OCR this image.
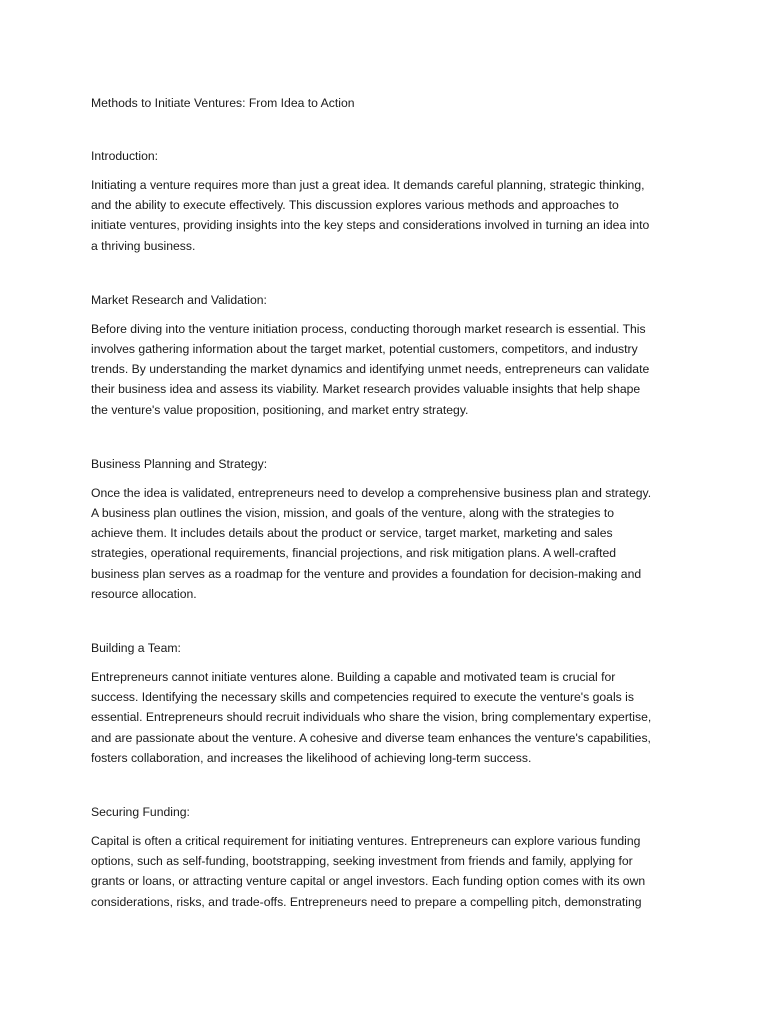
Methods to Initiate Ventures: From Idea to Action
Introduction:
Initiating a venture requires more than just a great idea. It demands careful planning, strategic thinking,
and the ability to execute effectively. This discussion explores various methods and approaches to
initiate ventures, providing insights into the key steps and considerations involved in turning an idea into
a thriving business.
Market Research and Validation:
Before diving into the venture initiation process, conducting thorough market research is essential. This
involves gathering information about the target market, potential customers, competitors, and industry
trends. By understanding the market dynamics and identifying unmet needs, entrepreneurs can validate
their business idea and assess its viability. Market research provides valuable insights that help shape
the venture's value proposition, positioning, and market entry strategy.
Business Planning and Strategy:
Once the idea is validated, entrepreneurs need to develop a comprehensive business plan and strategy.
A business plan outlines the vision, mission, and goals of the venture, along with the strategies to
achieve them. It includes details about the product or service, target market, marketing and sales
strategies, operational requirements, financial projections, and risk mitigation plans. A well-crafted
business plan serves as a roadmap for the venture and provides a foundation for decision-making and
resource allocation.
Building a Team:
Entrepreneurs cannot initiate ventures alone. Building a capable and motivated team is crucial for
success. Identifying the necessary skills and competencies required to execute the venture's goals is
essential. Entrepreneurs should recruit individuals who share the vision, bring complementary expertise,
and are passionate about the venture. A cohesive and diverse team enhances the venture's capabilities,
fosters collaboration, and increases the likelihood of achieving long-term success.
Securing Funding:
Capital is often a critical requirement for initiating ventures. Entrepreneurs can explore various funding
options, such as self-funding, bootstrapping, seeking investment from friends and family, applying for
grants or loans, or attracting venture capital or angel investors. Each funding option comes with its own
considerations, risks, and trade-offs. Entrepreneurs need to prepare a compelling pitch, demonstrating
